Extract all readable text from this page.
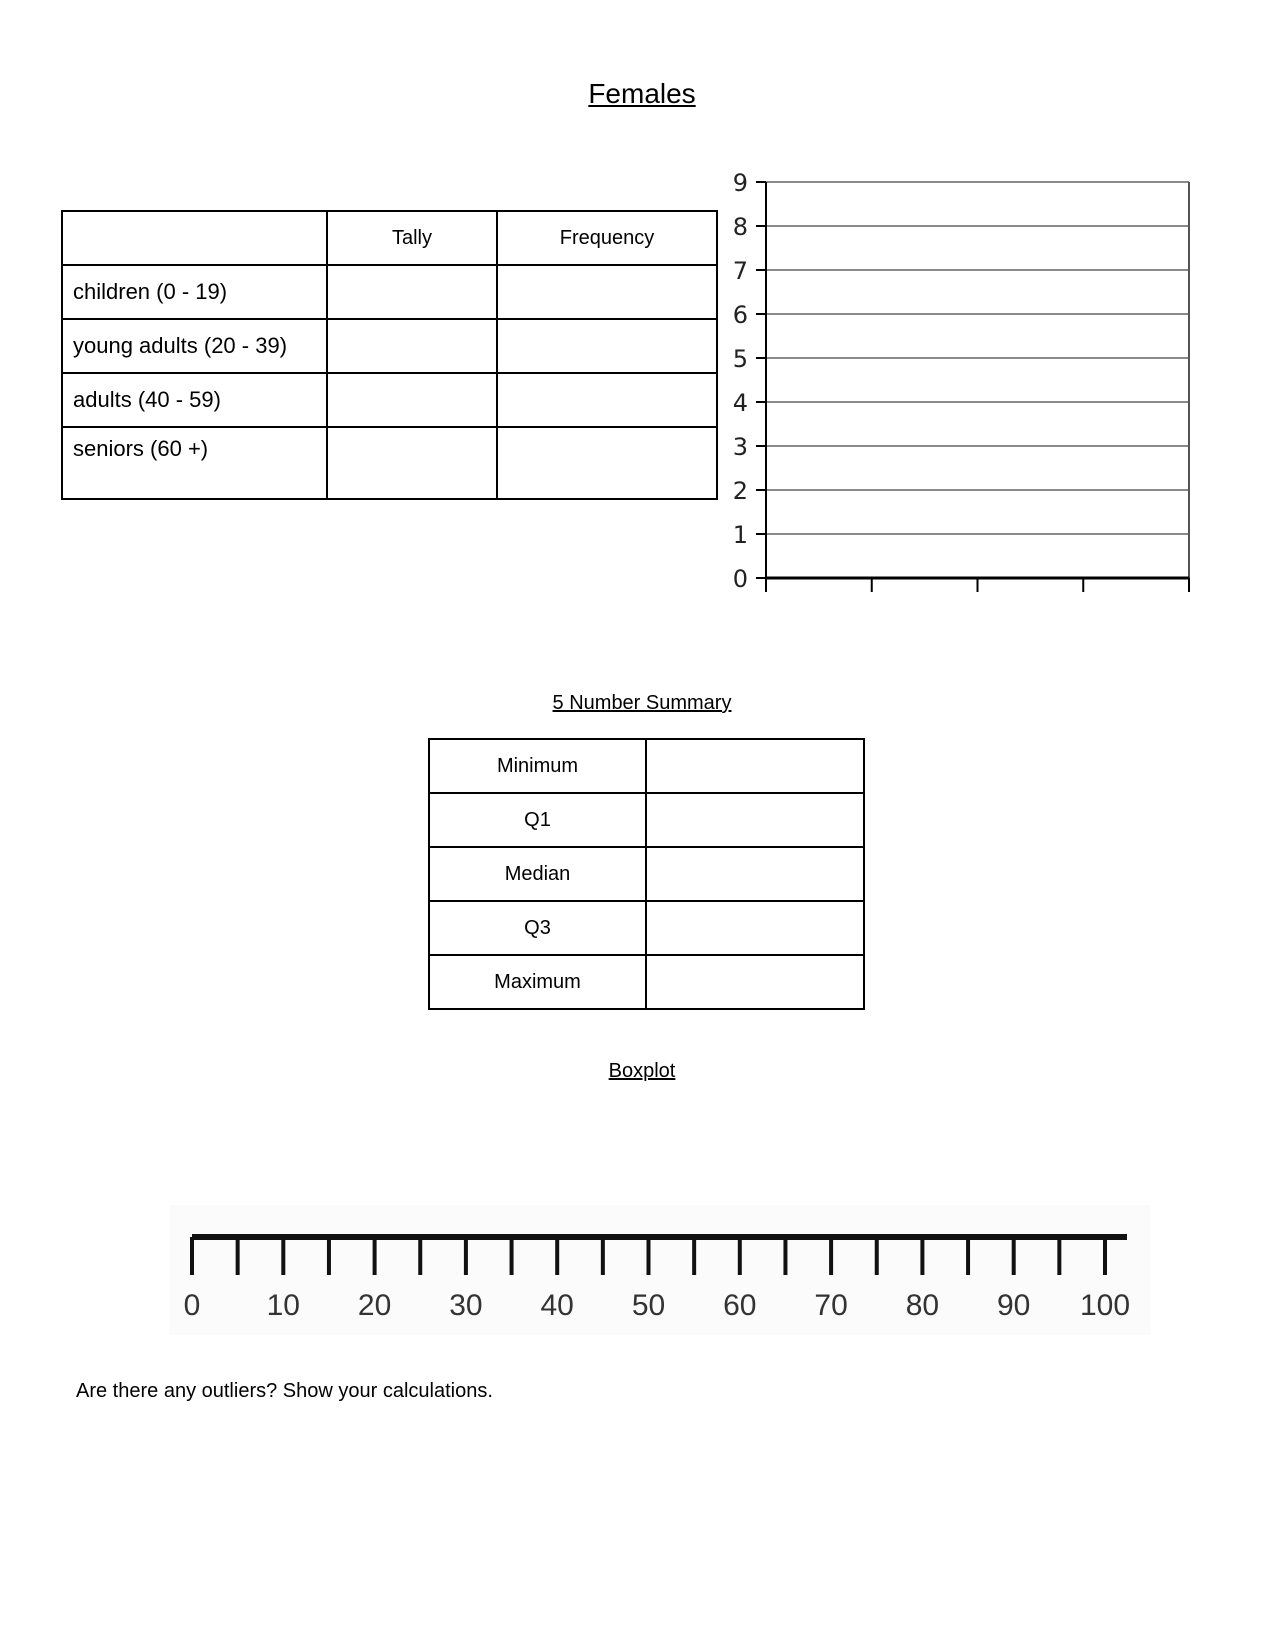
Females
	Tally	Frequency
children (0 - 19)		
young adults (20 - 39)		
adults (40 - 59)		
seniors (60 +)		
0
1
2
3
4
5
6
7
8
9
5 Number Summary
Minimum	
Q1	
Median	
Q3	
Maximum	
Boxplot
0 10 20 30 40 50 60 70 80 90 100
Are there any outliers? Show your calculations.
